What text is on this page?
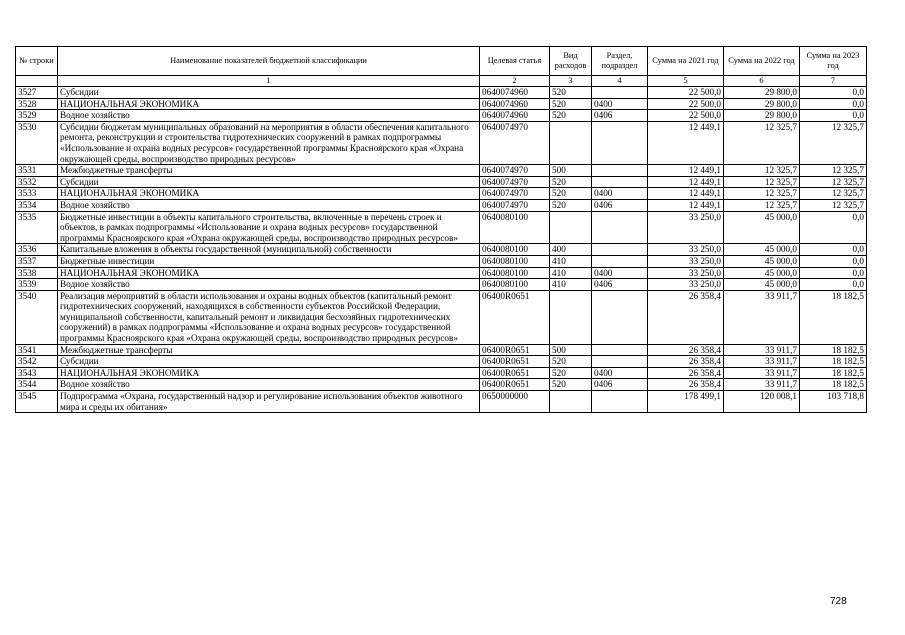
№ строки	Наименование показателей бюджетной классификации	Целевая статья	Вид расходов	Раздел, подраздел	Сумма на 2021 год	Сумма на 2022 год	Сумма на 2023 год
	1	2	3	4	5	6	7
3527	Субсидии	0640074960	520		22 500,0	29 800,0	0,0
3528	НАЦИОНАЛЬНАЯ ЭКОНОМИКА	0640074960	520	0400	22 500,0	29 800,0	0,0
3529	Водное хозяйство	0640074960	520	0406	22 500,0	29 800,0	0,0
3530	Субсидии бюджетам муниципальных образований на мероприятия в области обеспечения капитального ремонта, реконструкции и строительства гидротехнических сооружений в рамках подпрограммы «Использование и охрана водных ресурсов» государственной программы Красноярского края «Охрана окружающей среды, воспроизводство природных ресурсов»	0640074970			12 449,1	12 325,7	12 325,7
3531	Межбюджетные трансферты	0640074970	500		12 449,1	12 325,7	12 325,7
3532	Субсидии	0640074970	520		12 449,1	12 325,7	12 325,7
3533	НАЦИОНАЛЬНАЯ ЭКОНОМИКА	0640074970	520	0400	12 449,1	12 325,7	12 325,7
3534	Водное хозяйство	0640074970	520	0406	12 449,1	12 325,7	12 325,7
3535	Бюджетные инвестиции в объекты капитального строительства, включенные в перечень строек и объектов, в рамках подпрограммы «Использование и охрана водных ресурсов» государственной программы Красноярского края «Охрана окружающей среды, воспроизводство природных ресурсов»	0640080100			33 250,0	45 000,0	0,0
3536	Капитальные вложения в объекты государственной (муниципальной) собственности	0640080100	400		33 250,0	45 000,0	0,0
3537	Бюджетные инвестиции	0640080100	410		33 250,0	45 000,0	0,0
3538	НАЦИОНАЛЬНАЯ ЭКОНОМИКА	0640080100	410	0400	33 250,0	45 000,0	0,0
3539	Водное хозяйство	0640080100	410	0406	33 250,0	45 000,0	0,0
3540	Реализация мероприятий в области использования и охраны водных объектов (капитальный ремонт гидротехнических сооружений, находящихся в собственности субъектов Российской Федерации, муниципальной собственности, капитальный ремонт и ликвидация бесхозяйных гидротехнических сооружений) в рамках подпрограммы «Использование и охрана водных ресурсов» государственной программы Красноярского края «Охрана окружающей среды, воспроизводство природных ресурсов»	06400R0651			26 358,4	33 911,7	18 182,5
3541	Межбюджетные трансферты	06400R0651	500		26 358,4	33 911,7	18 182,5
3542	Субсидии	06400R0651	520		26 358,4	33 911,7	18 182,5
3543	НАЦИОНАЛЬНАЯ ЭКОНОМИКА	06400R0651	520	0400	26 358,4	33 911,7	18 182,5
3544	Водное хозяйство	06400R0651	520	0406	26 358,4	33 911,7	18 182,5
3545	Подпрограмма «Охрана, государственный надзор и регулирование использования объектов животного мира и среды их обитания»	0650000000			178 499,1	120 008,1	103 718,8
728
